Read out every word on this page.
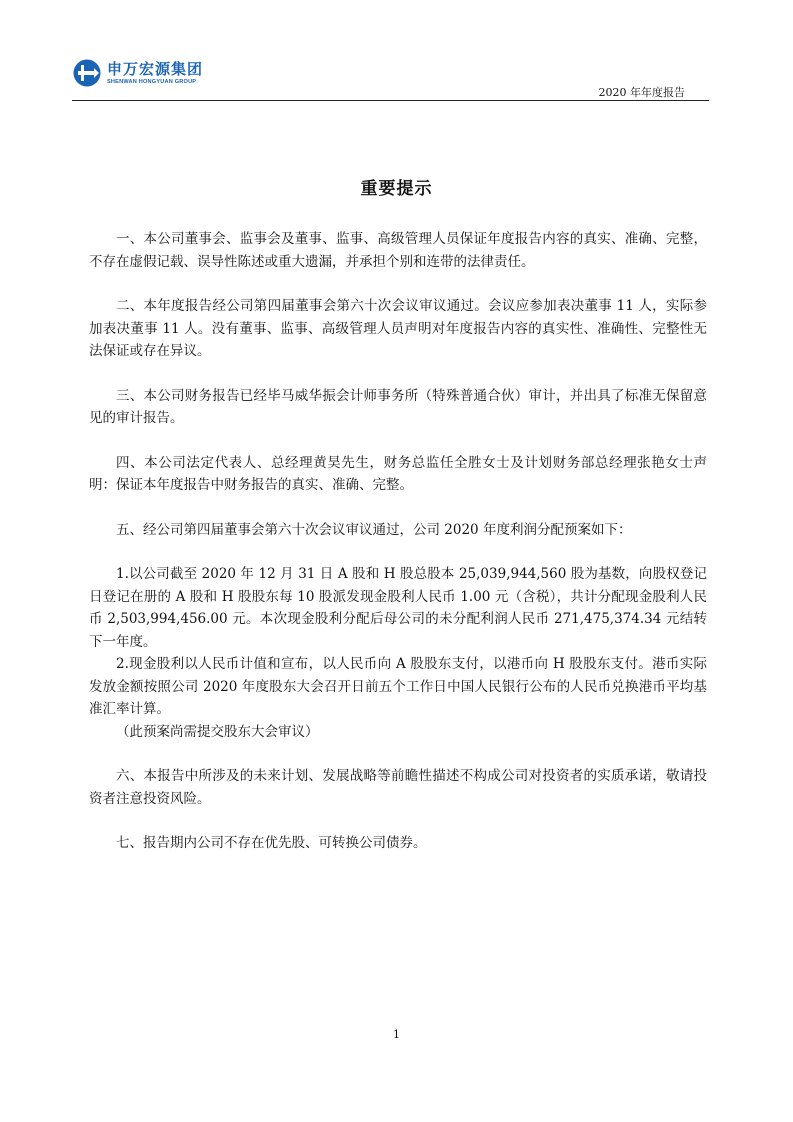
申万宏源集团
SHENWAN HONGYUAN GROUP
2020 年年度报告
重要提示

一、本公司董事会、监事会及董事、监事、高级管理人员保证年度报告内容的真实、准确、完整，不存在虚假记载、误导性陈述或重大遗漏，并承担个别和连带的法律责任。

二、本年度报告经公司第四届董事会第六十次会议审议通过。会议应参加表决董事 11 人，实际参加表决董事 11 人。没有董事、监事、高级管理人员声明对年度报告内容的真实性、准确性、完整性无法保证或存在异议。

三、本公司财务报告已经毕马威华振会计师事务所（特殊普通合伙）审计，并出具了标准无保留意见的审计报告。

四、本公司法定代表人、总经理黄昊先生，财务总监任全胜女士及计划财务部总经理张艳女士声明：保证本年度报告中财务报告的真实、准确、完整。

五、经公司第四届董事会第六十次会议审议通过，公司 2020 年度利润分配预案如下：

1.以公司截至 2020 年 12 月 31 日 A 股和 H 股总股本 25,039,944,560 股为基数，向股权登记日登记在册的 A 股和 H 股股东每 10 股派发现金股利人民币 1.00 元（含税），共计分配现金股利人民币 2,503,994,456.00 元。本次现金股利分配后母公司的未分配利润人民币 271,475,374.34 元结转下一年度。

2.现金股利以人民币计值和宣布，以人民币向 A 股股东支付，以港币向 H 股股东支付。港币实际发放金额按照公司 2020 年度股东大会召开日前五个工作日中国人民银行公布的人民币兑换港币平均基准汇率计算。

（此预案尚需提交股东大会审议）

六、本报告中所涉及的未来计划、发展战略等前瞻性描述不构成公司对投资者的实质承诺，敬请投资者注意投资风险。

七、报告期内公司不存在优先股、可转换公司债券。

1
